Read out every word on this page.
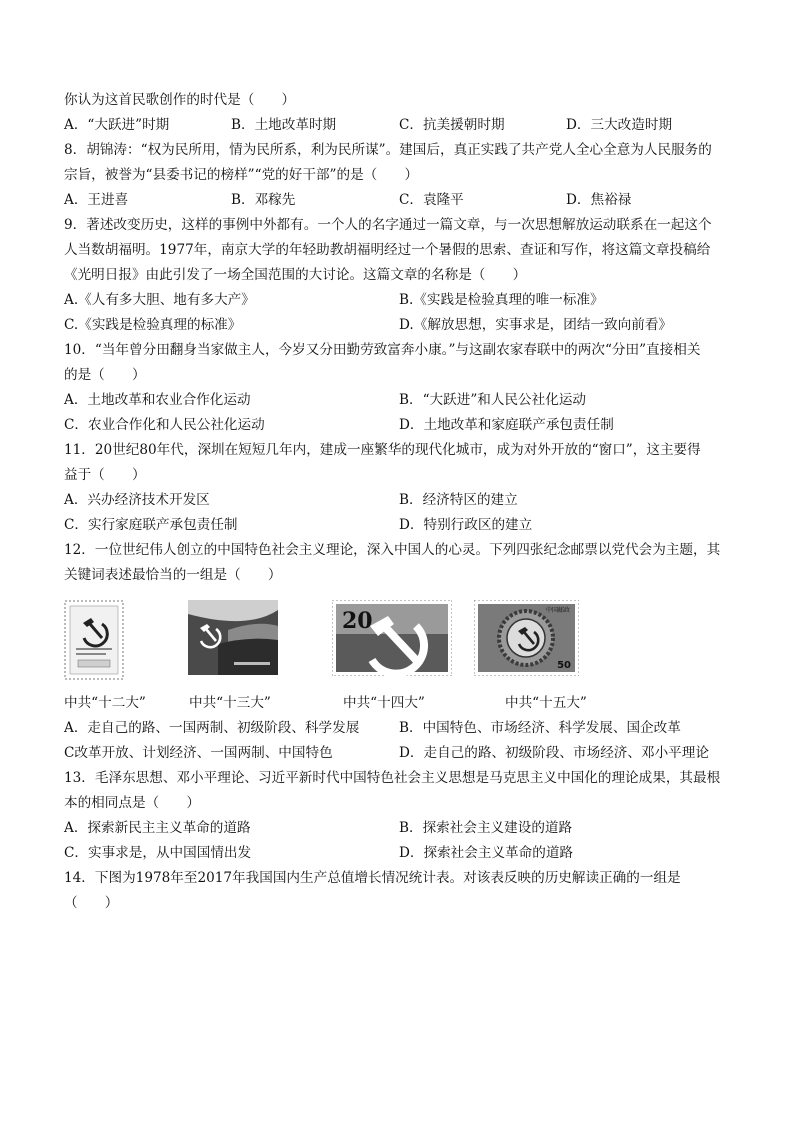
你认为这首民歌创作的时代是（　　）
A．“大跃进”时期	B．土地改革时期	C．抗美援朝时期	D．三大改造时期
8．胡锦涛：“权为民所用，情为民所系，利为民所谋”。建国后，真正实践了共产党人全心全意为人民服务的
宗旨，被誉为“县委书记的榜样”“党的好干部”的是（　　）
A．王进喜	B．邓稼先	C．袁隆平	D．焦裕禄
9．著述改变历史，这样的事例中外都有。一个人的名字通过一篇文章，与一次思想解放运动联系在一起这个
人当数胡福明。1977年，南京大学的年轻助教胡福明经过一个暑假的思索、查证和写作，将这篇文章投稿给
《光明日报》由此引发了一场全国范围的大讨论。这篇文章的名称是（　　）
A.《人有多大胆、地有多大产》	B.《实践是检验真理的唯一标准》
C.《实践是检验真理的标准》	D.《解放思想，实事求是，团结一致向前看》
10．“当年曾分田翻身当家做主人，今岁又分田勤劳致富奔小康。”与这副农家春联中的两次“分田”直接相关
的是（　　）
A．土地改革和农业合作化运动	B．“大跃进”和人民公社化运动
C．农业合作化和人民公社化运动	D．土地改革和家庭联产承包责任制
11．20世纪80年代，深圳在短短几年内，建成一座繁华的现代化城市，成为对外开放的“窗口”，这主要得
益于（　　）
A．兴办经济技术开发区	B．经济特区的建立
C．实行家庭联产承包责任制	D．特别行政区的建立
12．一位世纪伟人创立的中国特色社会主义理论，深入中国人的心灵。下列四张纪念邮票以党代会为主题，其
关键词表述最恰当的一组是（　　）
20	中国邮政
50
中共“十二大”	中共“十三大”	中共“十四大”	中共“十五大”
A．走自己的路、一国两制、初级阶段、科学发展	B．中国特色、市场经济、科学发展、国企改革
C改革开放、计划经济、一国两制、中国特色	D．走自己的路、初级阶段、市场经济、邓小平理论
13．毛泽东思想、邓小平理论、习近平新时代中国特色社会主义思想是马克思主义中国化的理论成果，其最根
本的相同点是（　　）
A．探索新民主主义革命的道路	B．探索社会主义建设的道路
C．实事求是，从中国国情出发	D．探索社会主义革命的道路
14．下图为1978年至2017年我国国内生产总值增长情况统计表。对该表反映的历史解读正确的一组是
（　　）
